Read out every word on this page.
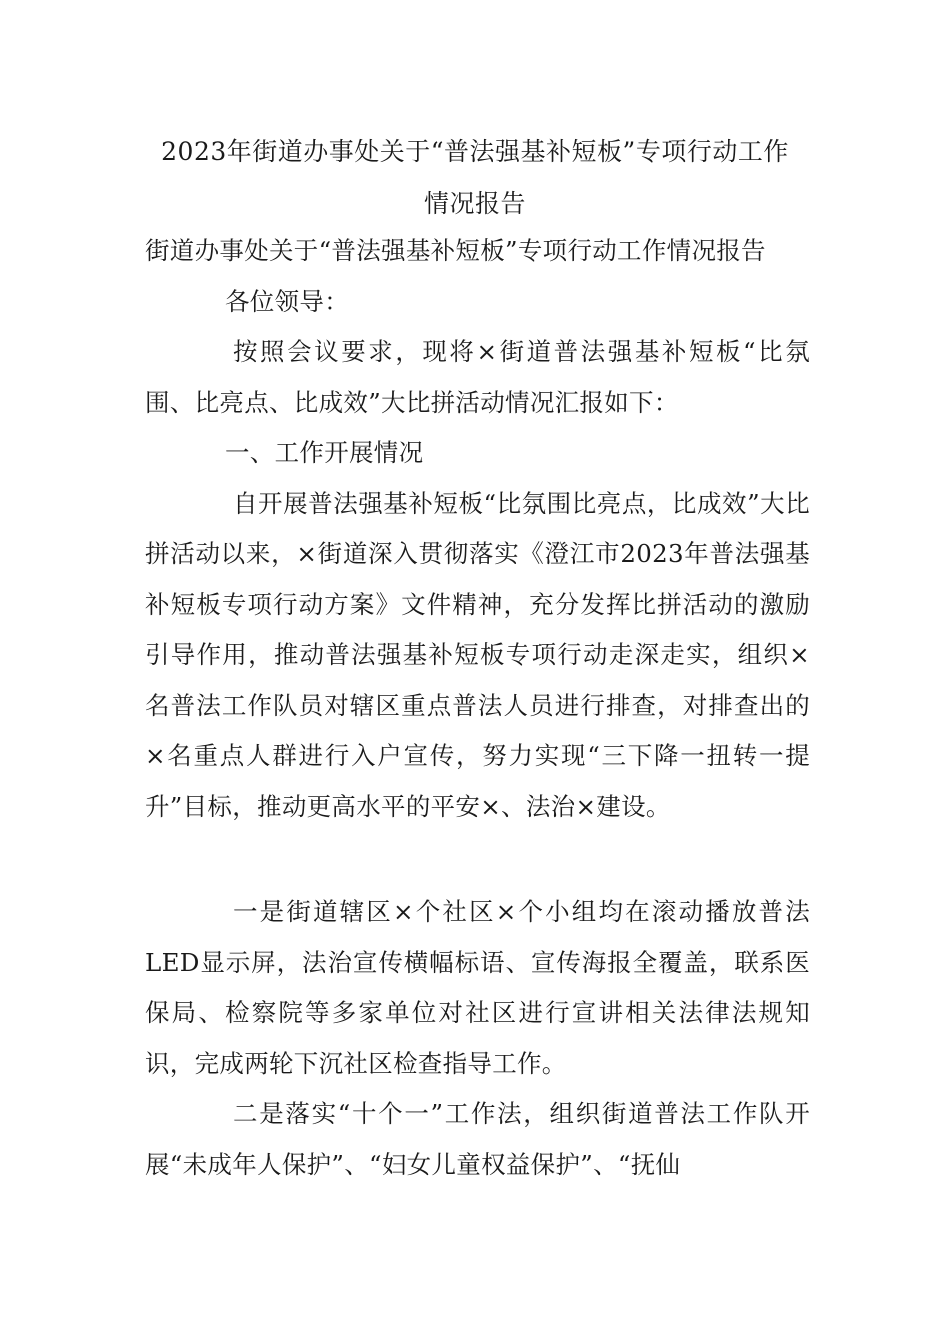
2023年街道办事处关于“普法强基补短板”专项行动工作
情况报告

街道办事处关于“普法强基补短板”专项行动工作情况报告

各位领导：

按照会议要求，现将×街道普法强基补短板“比氛围、比亮点、比成效”大比拼活动情况汇报如下：

一、工作开展情况

自开展普法强基补短板“比氛围比亮点，比成效”大比拼活动以来，×街道深入贯彻落实《澄江市2023年普法强基补短板专项行动方案》文件精神，充分发挥比拼活动的激励引导作用，推动普法强基补短板专项行动走深走实，组织×名普法工作队员对辖区重点普法人员进行排查，对排查出的×名重点人群进行入户宣传，努力实现“三下降一扭转一提升”目标，推动更高水平的平安×、法治×建设。

一是街道辖区×个社区×个小组均在滚动播放普法LED显示屏，法治宣传横幅标语、宣传海报全覆盖，联系医保局、检察院等多家单位对社区进行宣讲相关法律法规知识，完成两轮下沉社区检查指导工作。

二是落实“十个一”工作法，组织街道普法工作队开展“未成年人保护”、“妇女儿童权益保护”、“抚仙
